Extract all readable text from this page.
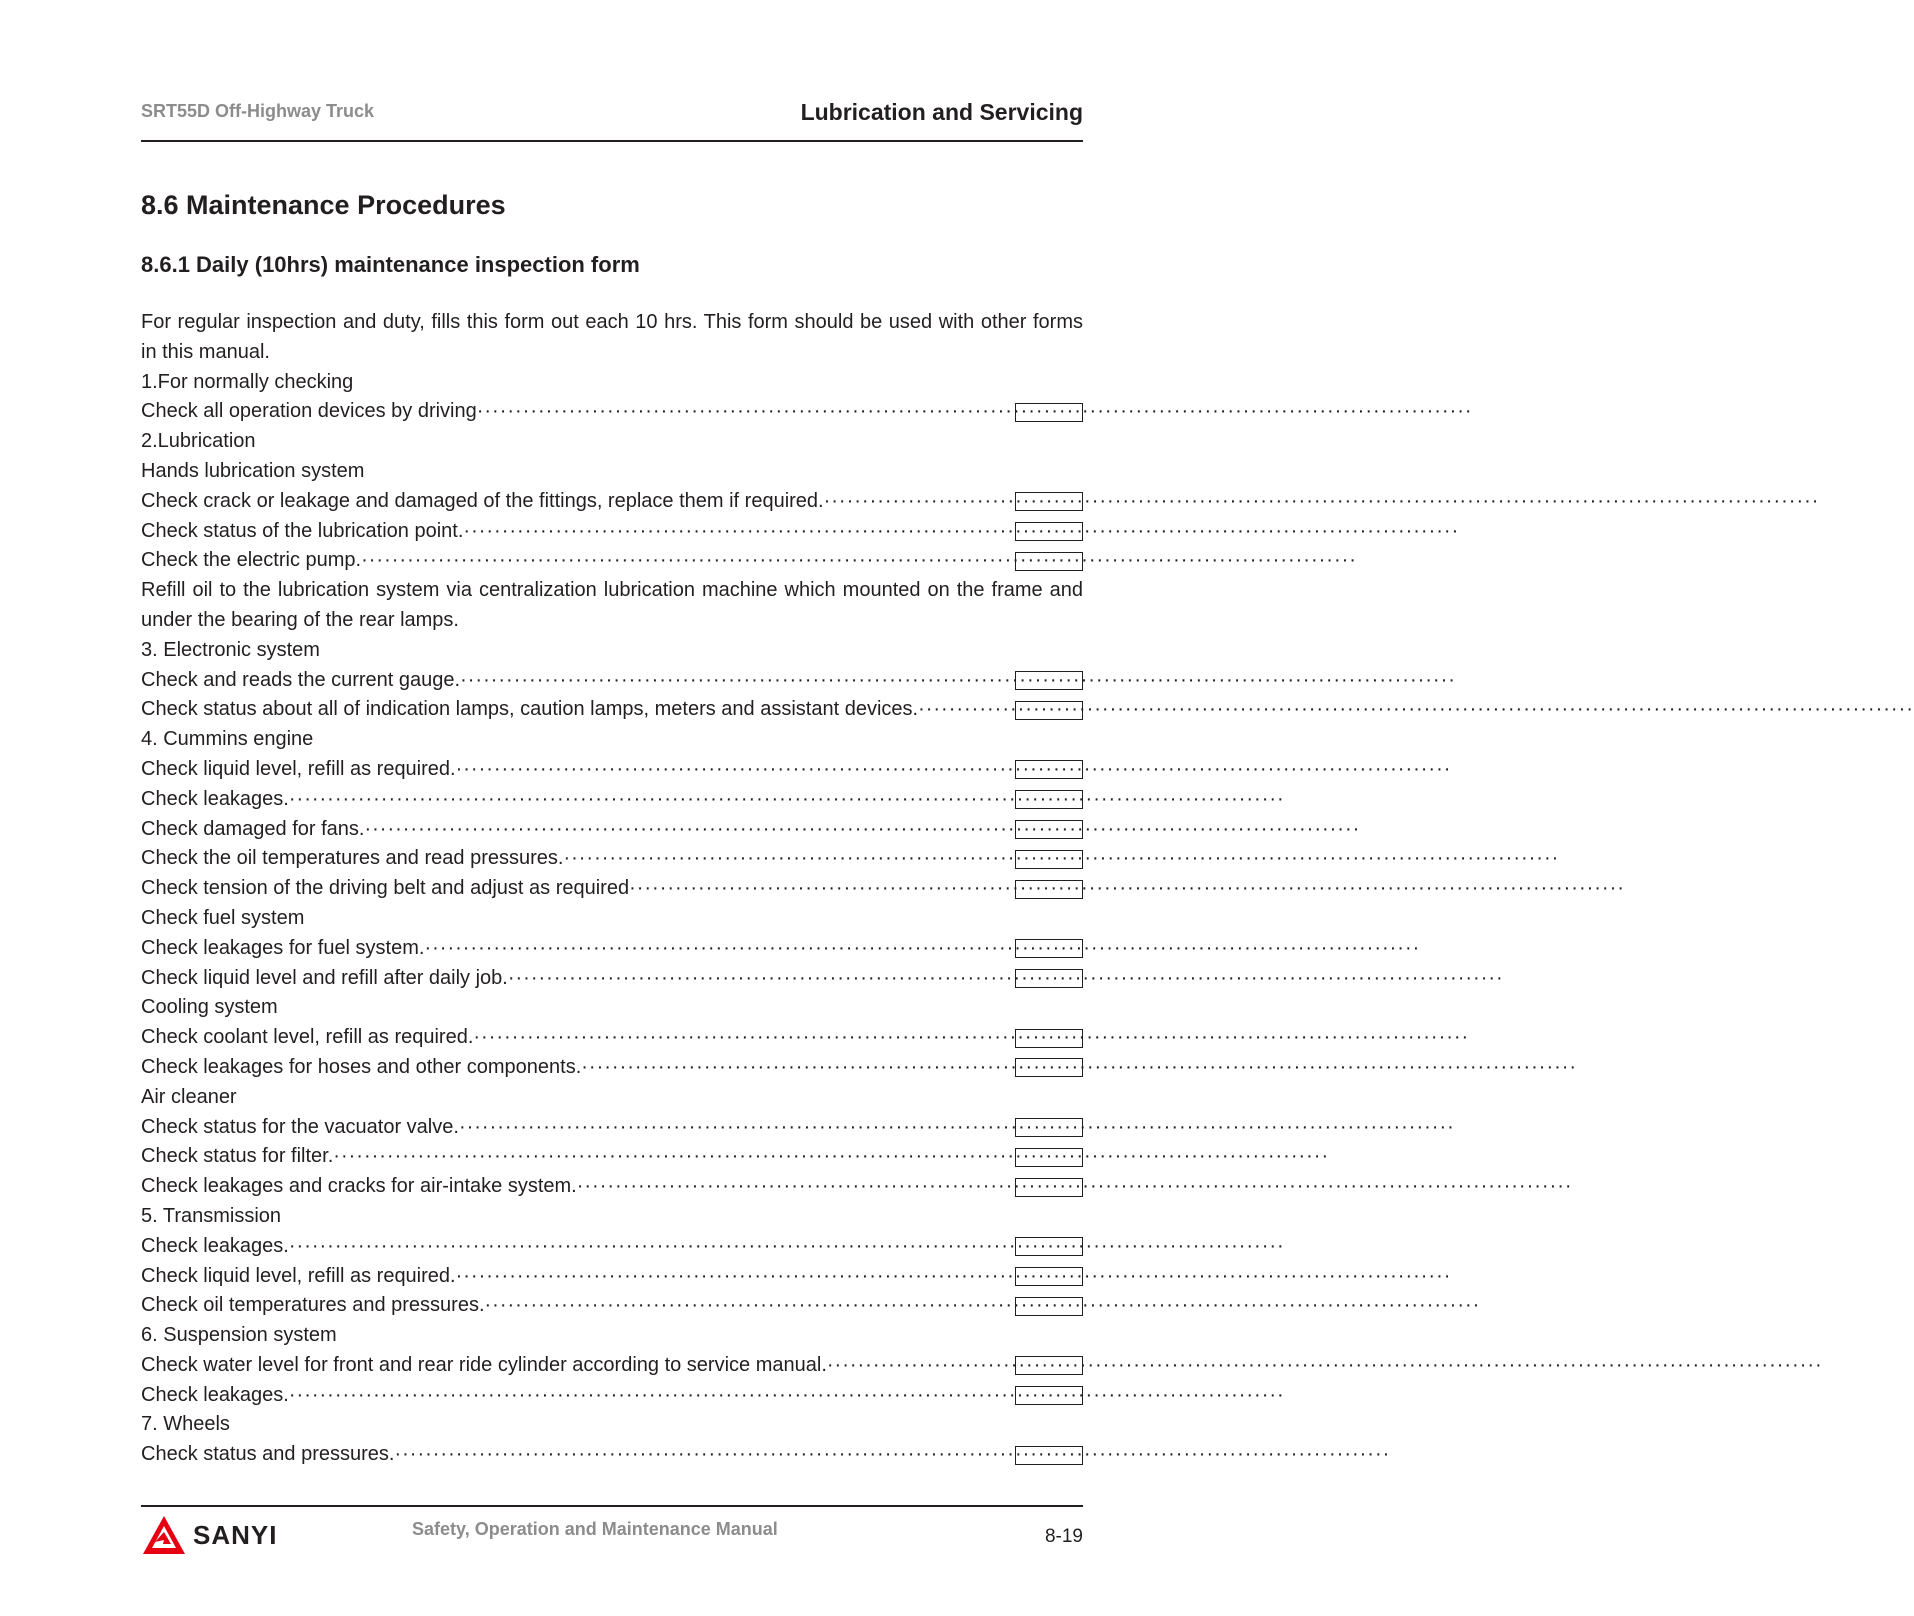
SRT55D Off-Highway Truck	Lubrication and Servicing
8.6 Maintenance Procedures
8.6.1 Daily (10hrs) maintenance inspection form
For regular inspection and duty, fills this form out each 10 hrs. This form should be used with other forms in this manual.
1.For normally checking
Check all operation devices by driving ··································································································································
2.Lubrication
Hands lubrication system
Check crack or leakage and damaged of the fittings, replace them if required. ··································································································································
Check status of the lubrication point. ··································································································································
Check the electric pump. ··································································································································
Refill oil to the lubrication system via centralization lubrication machine which mounted on the frame and under the bearing of the rear lamps.
3. Electronic system
Check and reads the current gauge. ··································································································································
Check status about all of indication lamps, caution lamps, meters and assistant devices. ··································································································································
4. Cummins engine
Check liquid level, refill as required. ··································································································································
Check leakages. ··································································································································
Check damaged for fans. ··································································································································
Check the oil temperatures and read pressures. ··································································································································
Check tension of the driving belt and adjust as required ··································································································································
Check fuel system
Check leakages for fuel system. ··································································································································
Check liquid level and refill after daily job. ··································································································································
Cooling system
Check coolant level, refill as required. ··································································································································
Check leakages for hoses and other components. ··································································································································
Air cleaner
Check status for the vacuator valve. ··································································································································
Check status for filter. ··································································································································
Check leakages and cracks for air-intake system. ··································································································································
5. Transmission
Check leakages. ··································································································································
Check liquid level, refill as required. ··································································································································
Check oil temperatures and pressures. ··································································································································
6. Suspension system
Check water level for front and rear ride cylinder according to service manual. ··································································································································
Check leakages. ··································································································································
7. Wheels
Check status and pressures. ··································································································································
SANYI	Safety, Operation and Maintenance Manual	8-19
